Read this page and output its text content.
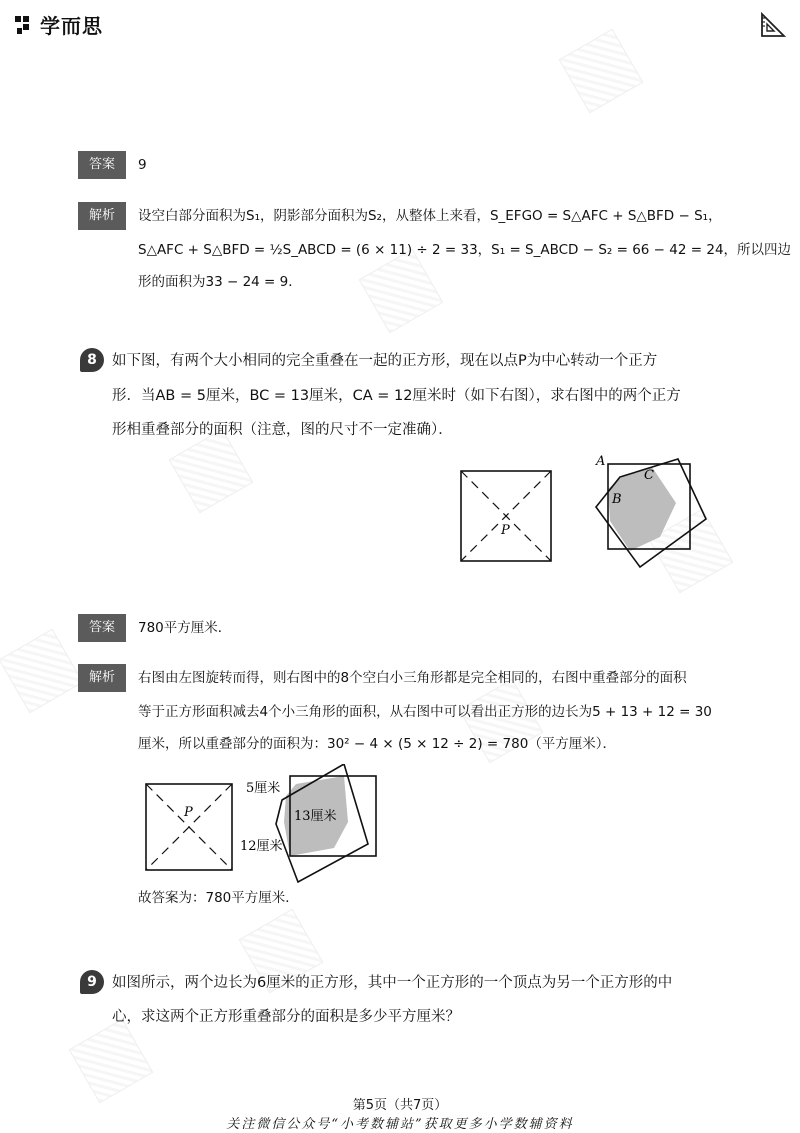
学而思
答案	9
解析	设空白部分面积为S₁，阴影部分面积为S₂，从整体上来看，S_EFGO = S△AFC + S△BFD − S₁，
S△AFC + S△BFD = ½S_ABCD = (6 × 11) ÷ 2 = 33，S₁ = S_ABCD − S₂ = 66 − 42 = 24，所以四边
形的面积为33 − 24 = 9．
8	如下图，有两个大小相同的完全重叠在一起的正方形，现在以点P为中心转动一个正方
形．当AB = 5厘米，BC = 13厘米，CA = 12厘米时（如下右图），求右图中的两个正方
形相重叠部分的面积（注意，图的尺寸不一定准确）．
P
A
B
C
答案	780平方厘米．
解析	右图由左图旋转而得，则右图中的8个空白小三角形都是完全相同的，右图中重叠部分的面积
等于正方形面积减去4个小三角形的面积，从右图中可以看出正方形的边长为5 + 13 + 12 = 30
厘米，所以重叠部分的面积为：30² − 4 × (5 × 12 ÷ 2) = 780（平方厘米）．
P
5厘米
13厘米
12厘米
故答案为：780平方厘米．
9	如图所示，两个边长为6厘米的正方形，其中一个正方形的一个顶点为另一个正方形的中
心，求这两个正方形重叠部分的面积是多少平方厘米？
第5页（共7页）
关注微信公众号“小考数辅站”获取更多小学数辅资料
